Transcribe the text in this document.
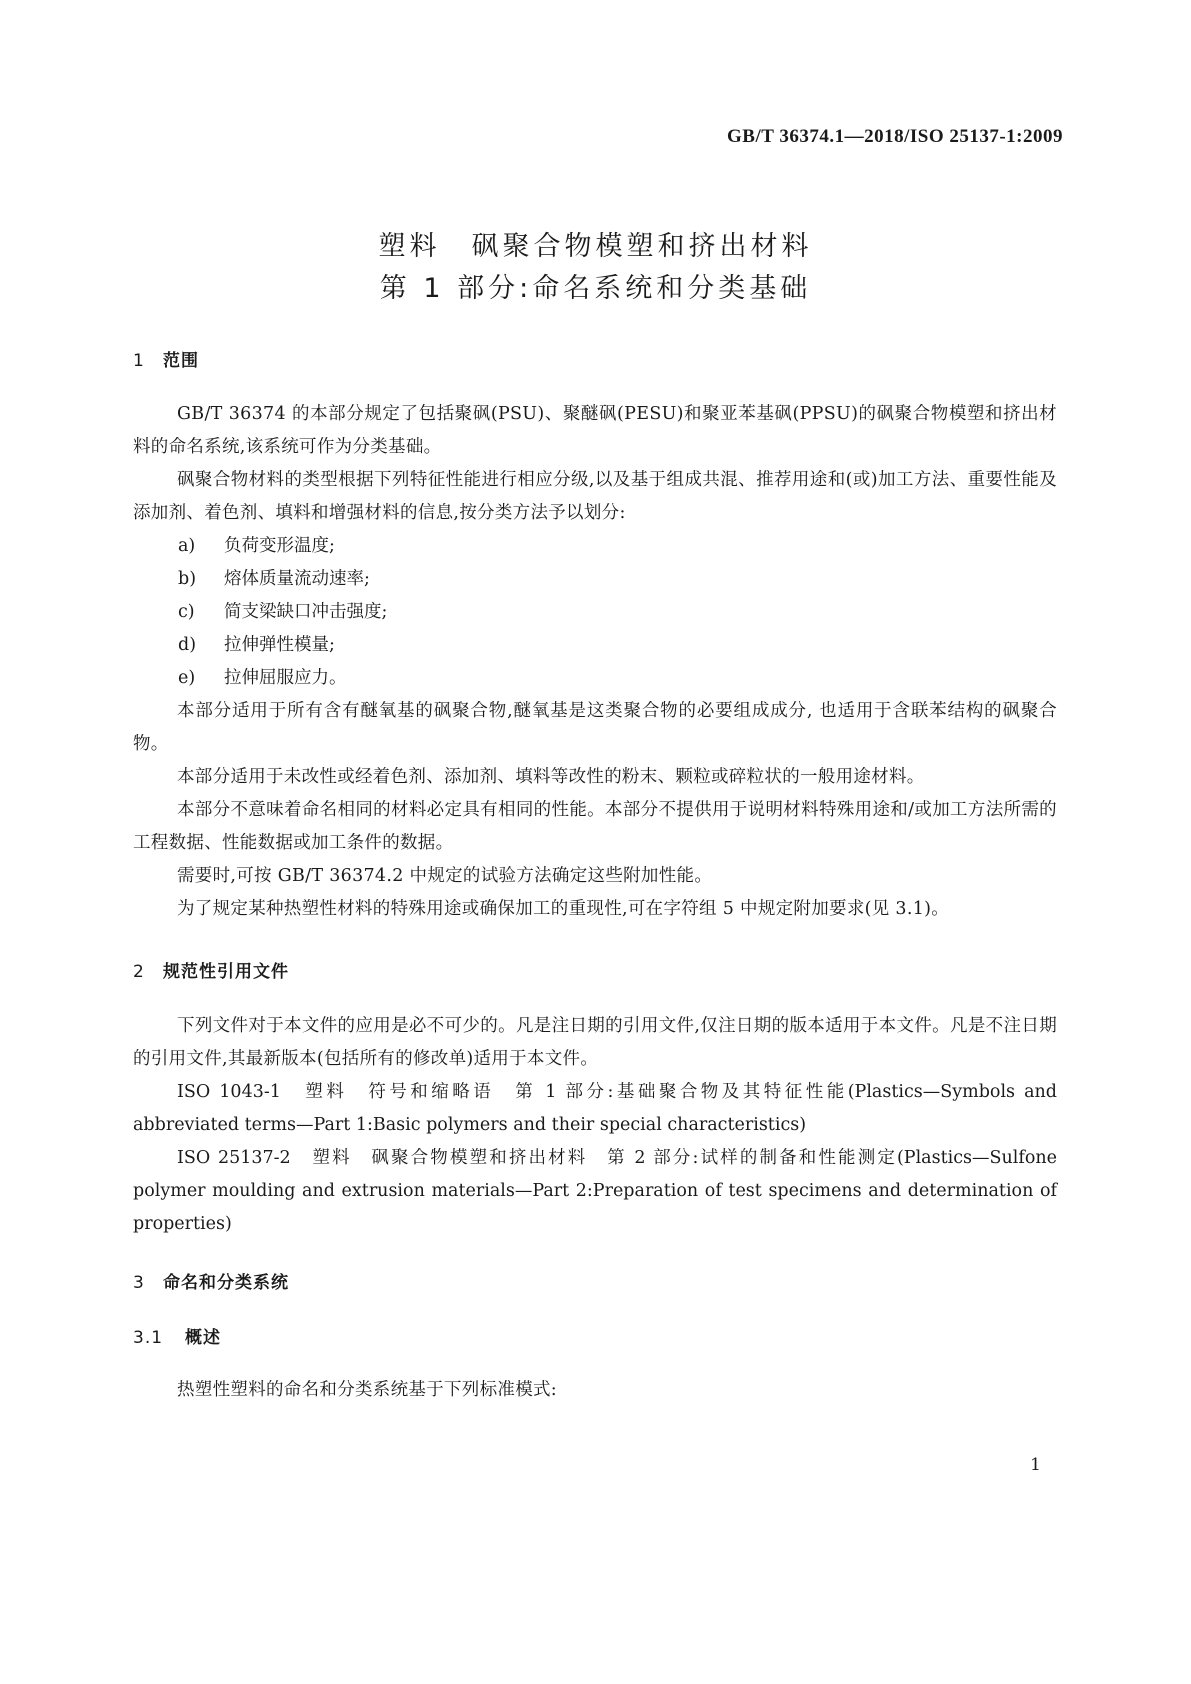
GB/T 36374.1—2018/ISO 25137-1:2009

塑料　砜聚合物模塑和挤出材料

第 1 部分:命名系统和分类基础

1 范围
GB/T 36374 的本部分规定了包括聚砜(PSU)、聚醚砜(PESU)和聚亚苯基砜(PPSU)的砜聚合物模塑和挤出材料的命名系统,该系统可作为分类基础。
砜聚合物材料的类型根据下列特征性能进行相应分级,以及基于组成共混、推荐用途和(或)加工方法、重要性能及添加剂、着色剂、填料和增强材料的信息,按分类方法予以划分:
a) 负荷变形温度;
b) 熔体质量流动速率;
c) 简支梁缺口冲击强度;
d) 拉伸弹性模量;
e) 拉伸屈服应力。
本部分适用于所有含有醚氧基的砜聚合物,醚氧基是这类聚合物的必要组成成分, 也适用于含联苯结构的砜聚合物。
本部分适用于未改性或经着色剂、添加剂、填料等改性的粉末、颗粒或碎粒状的一般用途材料。
本部分不意味着命名相同的材料必定具有相同的性能。本部分不提供用于说明材料特殊用途和/或加工方法所需的工程数据、性能数据或加工条件的数据。
需要时,可按 GB/T 36374.2 中规定的试验方法确定这些附加性能。
为了规定某种热塑性材料的特殊用途或确保加工的重现性,可在字符组 5 中规定附加要求(见 3.1)。
2 规范性引用文件
下列文件对于本文件的应用是必不可少的。凡是注日期的引用文件,仅注日期的版本适用于本文件。凡是不注日期的引用文件,其最新版本(包括所有的修改单)适用于本文件。
ISO 1043-1　塑料　符号和缩略语　第 1 部分:基础聚合物及其特征性能(Plastics—Symbols and abbreviated terms—Part 1:Basic polymers and their special characteristics)
ISO 25137-2　塑料　砜聚合物模塑和挤出材料　第 2 部分:试样的制备和性能测定(Plastics—Sulfone polymer moulding and extrusion materials—Part 2:Preparation of test specimens and determination of properties)
3 命名和分类系统
3.1 概述
热塑性塑料的命名和分类系统基于下列标准模式:
1
